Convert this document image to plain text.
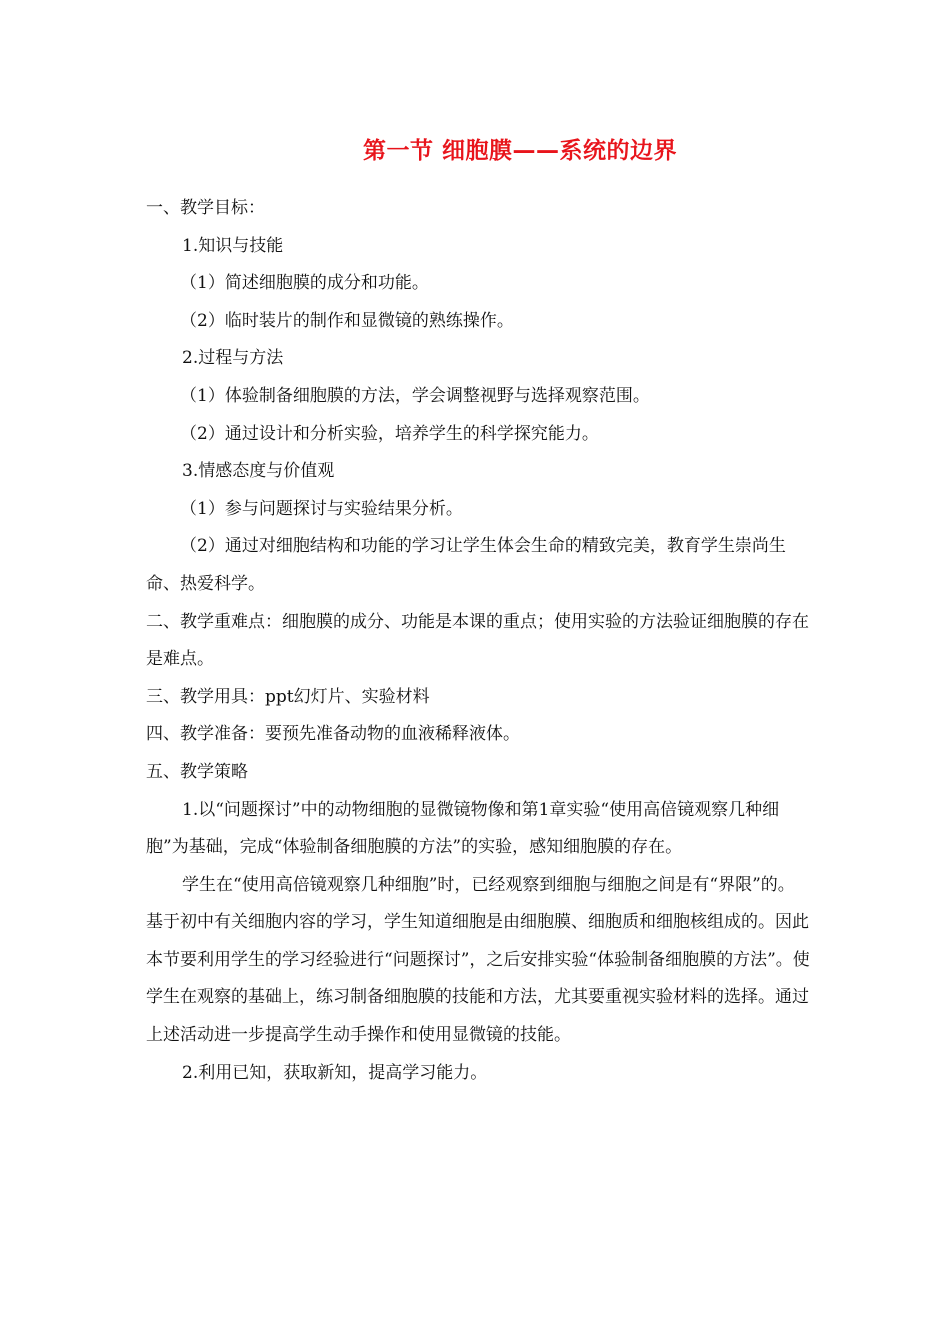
第一节 细胞膜——系统的边界

一、教学目标：

1.知识与技能

（1）简述细胞膜的成分和功能。

（2）临时装片的制作和显微镜的熟练操作。

2.过程与方法

（1）体验制备细胞膜的方法，学会调整视野与选择观察范围。

（2）通过设计和分析实验，培养学生的科学探究能力。

3.情感态度与价值观

（1）参与问题探讨与实验结果分析。

（2）通过对细胞结构和功能的学习让学生体会生命的精致完美，教育学生崇尚生命、热爱科学。

二、教学重难点：细胞膜的成分、功能是本课的重点；使用实验的方法验证细胞膜的存在是难点。

三、教学用具：ppt幻灯片、实验材料

四、教学准备：要预先准备动物的血液稀释液体。

五、教学策略

1.以“问题探讨”中的动物细胞的显微镜物像和第1章实验“使用高倍镜观察几种细胞”为基础，完成“体验制备细胞膜的方法”的实验，感知细胞膜的存在。

学生在“使用高倍镜观察几种细胞”时，已经观察到细胞与细胞之间是有“界限”的。基于初中有关细胞内容的学习，学生知道细胞是由细胞膜、细胞质和细胞核组成的。因此本节要利用学生的学习经验进行“问题探讨”，之后安排实验“体验制备细胞膜的方法”。使学生在观察的基础上，练习制备细胞膜的技能和方法，尤其要重视实验材料的选择。通过上述活动进一步提高学生动手操作和使用显微镜的技能。

2.利用已知，获取新知，提高学习能力。
